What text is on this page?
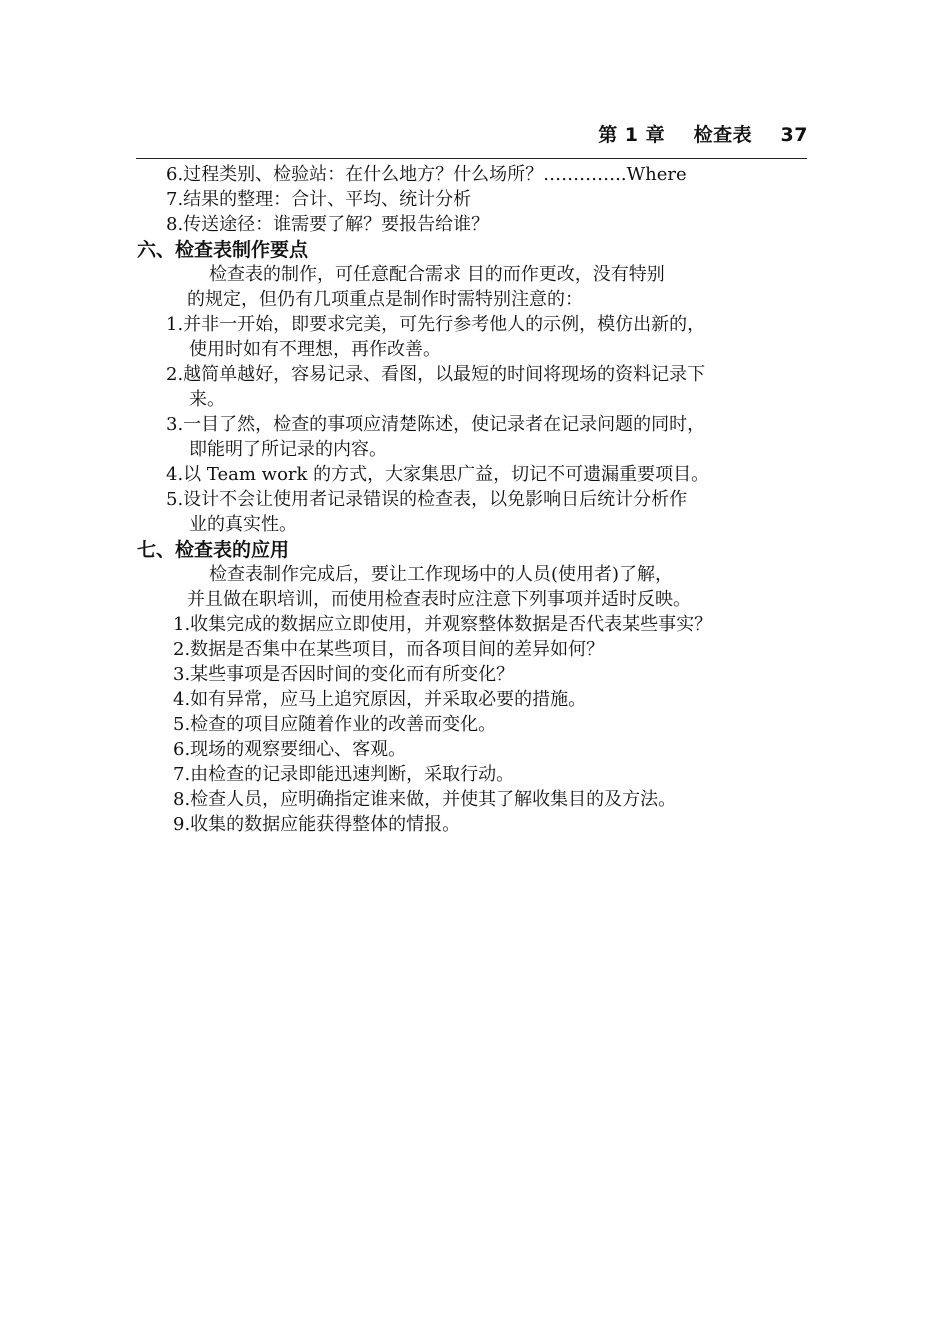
第 1 章    检查表    37
6.过程类别、检验站：在什么地方？什么场所？…………..Where
7.结果的整理：合计、平均、统计分析
8.传送途径：谁需要了解？要报告给谁？
六、检查表制作要点
检查表的制作，可任意配合需求 目的而作更改，没有特别
的规定，但仍有几项重点是制作时需特别注意的：
1.并非一开始，即要求完美，可先行参考他人的示例，模仿出新的，
使用时如有不理想，再作改善。
2.越简单越好，容易记录、看图，以最短的时间将现场的资料记录下
来。
3.一目了然，检查的事项应清楚陈述，使记录者在记录问题的同时，
即能明了所记录的内容。
4.以 Team work 的方式，大家集思广益，切记不可遗漏重要项目。
5.设计不会让使用者记录错误的检查表，以免影响日后统计分析作
业的真实性。
七、检查表的应用
检查表制作完成后，要让工作现场中的人员(使用者)了解，
并且做在职培训，而使用检查表时应注意下列事项并适时反映。
1.收集完成的数据应立即使用，并观察整体数据是否代表某些事实？
2.数据是否集中在某些项目，而各项目间的差异如何？
3.某些事项是否因时间的变化而有所变化？
4.如有异常，应马上追究原因，并采取必要的措施。
5.检查的项目应随着作业的改善而变化。
6.现场的观察要细心、客观。
7.由检查的记录即能迅速判断，采取行动。
8.检查人员，应明确指定谁来做，并使其了解收集目的及方法。
9.收集的数据应能获得整体的情报。
